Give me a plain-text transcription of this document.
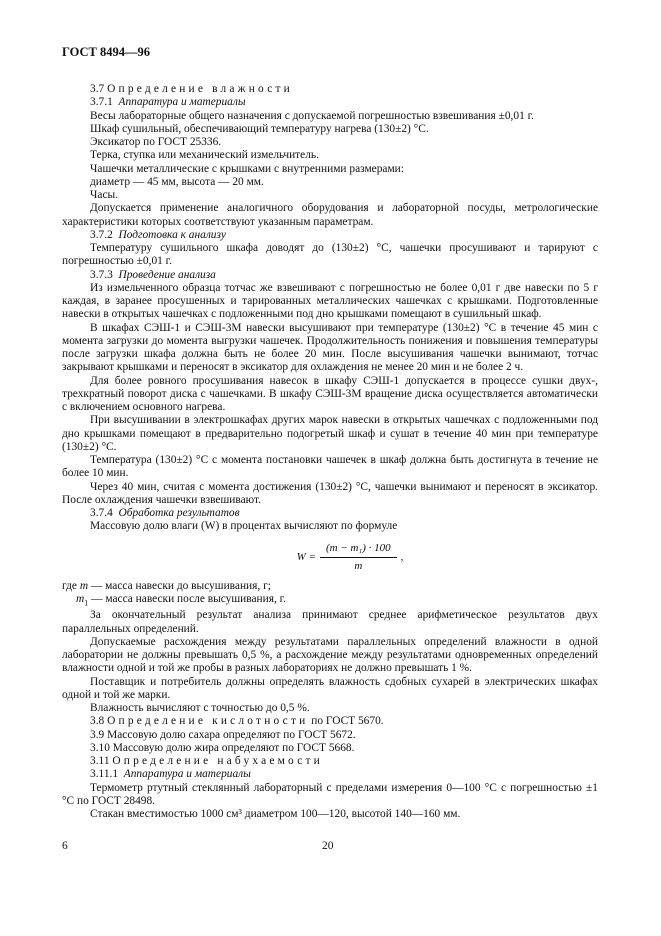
ГОСТ 8494—96

3.7 Определение влажности

3.7.1 Аппаратура и материалы

Весы лабораторные общего назначения с допускаемой погрешностью взвешивания ±0,01 г.

Шкаф сушильный, обеспечивающий температуру нагрева (130±2) °С.

Эксикатор по ГОСТ 25336.

Терка, ступка или механический измельчитель.

Чашечки металлические с крышками с внутренними размерами:

диаметр — 45 мм, высота — 20 мм.

Часы.

Допускается применение аналогичного оборудования и лабораторной посуды, метрологические характеристики которых соответствуют указанным параметрам.

3.7.2 Подготовка к анализу

Температуру сушильного шкафа доводят до (130±2) °С, чашечки просушивают и тарируют с погрешностью ±0,01 г.

3.7.3 Проведение анализа

Из измельченного образца тотчас же взвешивают с погрешностью не более 0,01 г две навески по 5 г каждая, в заранее просушенных и тарированных металлических чашечках с крышками. Подготовленные навески в открытых чашечках с подложенными под дно крышками помещают в сушильный шкаф.

В шкафах СЭШ-1 и СЭШ-3М навески высушивают при температуре (130±2) °С в течение 45 мин с момента загрузки до момента выгрузки чашечек. Продолжительность понижения и повышения температуры после загрузки шкафа должна быть не более 20 мин. После высушивания чашечки вынимают, тотчас закрывают крышками и переносят в эксикатор для охлаждения не менее 20 мин и не более 2 ч.

Для более ровного просушивания навесок в шкафу СЭШ-1 допускается в процессе сушки двух-, трехкратный поворот диска с чашечками. В шкафу СЭШ-3М вращение диска осуществляется автоматически с включением основного нагрева.

При высушивании в электрошкафах других марок навески в открытых чашечках с подложенными под дно крышками помещают в предварительно подогретый шкаф и сушат в течение 40 мин при температуре (130±2) °С.

Температура (130±2) °С с момента постановки чашечек в шкаф должна быть достигнута в течение не более 10 мин.

Через 40 мин, считая с момента достижения (130±2) °С, чашечки вынимают и переносят в эксикатор. После охлаждения чашечки взвешивают.

3.7.4 Обработка результатов

Массовую долю влаги (W) в процентах вычисляют по формуле

$W = \frac{\text{(m − m₁) · 100}}{m}$ ,

где m — масса навески до высушивания, г;

$m_1$ — масса навески после высушивания, г.

За окончательный результат анализа принимают среднее арифметическое результатов двух параллельных определений.

Допускаемые расхождения между результатами параллельных определений влажности в одной лаборатории не должны превышать 0,5 %, а расхождение между результатами одновременных определений влажности одной и той же пробы в разных лабораториях не должно превышать 1 %.

Поставщик и потребитель должны определять влажность сдобных сухарей в электрических шкафах одной и той же марки.

Влажность вычисляют с точностью до 0,5 %.

3.8 Определение кислотности по ГОСТ 5670.

3.9 Массовую долю сахара определяют по ГОСТ 5672.

3.10 Массовую долю жира определяют по ГОСТ 5668.

3.11 Определение набухаемости

3.11.1 Аппаратура и материалы

Термометр ртутный стеклянный лабораторный с пределами измерения 0—100 °С с погрешностью ±1 °С по ГОСТ 28498.

Стакан вместимостью 1000 см³ диаметром 100—120, высотой 140—160 мм.

6	20
